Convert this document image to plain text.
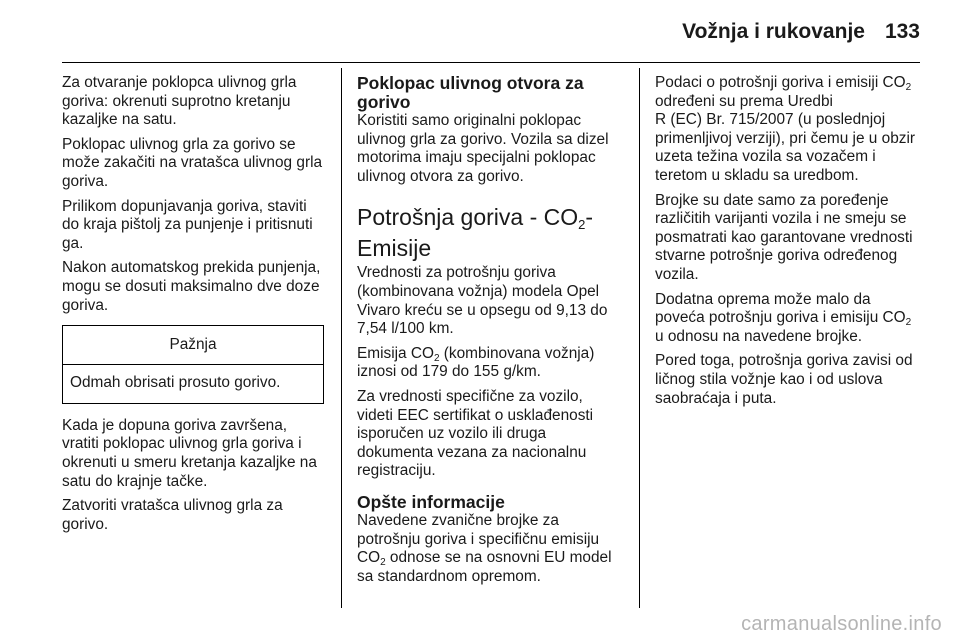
Vožnja i rukovanje 133

Za otvaranje poklopca ulivnog grla goriva: okrenuti suprotno kretanju kazaljke na satu.

Poklopac ulivnog grla za gorivo se može zakačiti na vratašca ulivnog grla goriva.

Prilikom dopunjavanja goriva, staviti do kraja pištolj za punjenje i pritisnuti ga.

Nakon automatskog prekida punjenja, mogu se dosuti maksimalno dve doze goriva.

Pažnja
Odmah obrisati prosuto gorivo.

Kada je dopuna goriva završena, vratiti poklopac ulivnog grla goriva i okrenuti u smeru kretanja kazaljke na satu do krajnje tačke.

Zatvoriti vratašca ulivnog grla za gorivo.

Poklopac ulivnog otvora za gorivo

Koristiti samo originalni poklopac ulivnog grla za gorivo. Vozila sa dizel motorima imaju specijalni poklopac ulivnog otvora za gorivo.

Potrošnja goriva - $CO_2$-Emisije

Vrednosti za potrošnju goriva (kombinovana vožnja) modela Opel Vivaro kreću se u opsegu od 9,13 do 7,54 l/100 km.

Emisija $CO_2$ (kombinovana vožnja) iznosi od 179 do 155 g/km.

Za vrednosti specifične za vozilo, videti EEC sertifikat o usklađenosti isporučen uz vozilo ili druga dokumenta vezana za nacionalnu registraciju.

Opšte informacije

Navedene zvanične brojke za potrošnju goriva i specifičnu emisiju $CO_2$ odnose se na osnovni EU model sa standardnom opremom.

Podaci o potrošnji goriva i emisiji $CO_2$ određeni su prema Uredbi

R (EC) Br. 715/2007 (u poslednjoj primenljivoj verziji), pri čemu je u obzir uzeta težina vozila sa vozačem i teretom u skladu sa uredbom.

Brojke su date samo za poređenje različitih varijanti vozila i ne smeju se posmatrati kao garantovane vrednosti stvarne potrošnje goriva određenog vozila.

Dodatna oprema može malo da poveća potrošnju goriva i emisiju $CO_2$ u odnosu na navedene brojke.

Pored toga, potrošnja goriva zavisi od ličnog stila vožnje kao i od uslova saobraćaja i puta.

carmanualsonline.info
